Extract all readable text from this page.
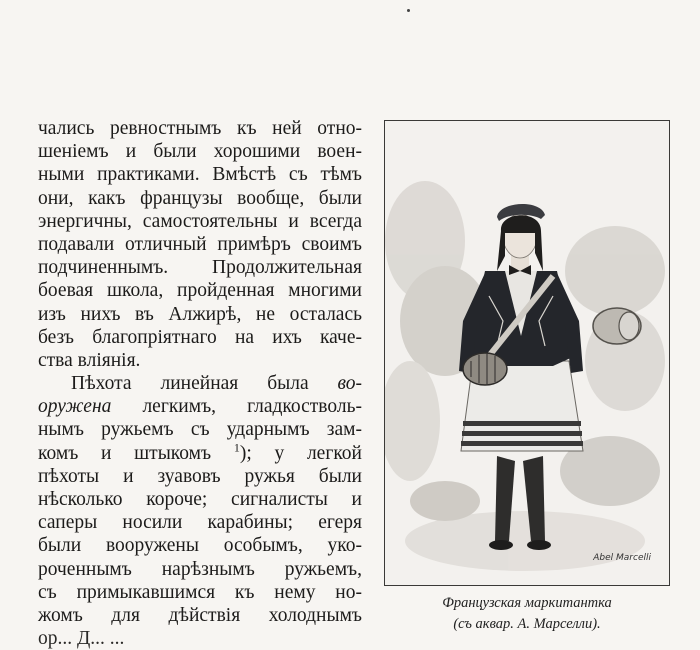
чались ревностнымъ къ ней отно-
шенiемъ и были хорошими воен-
ными практиками. Вмѣстѣ съ тѣмъ
они, какъ французы вообще, были
энергичны, самостоятельны и всегда
подавали отличный примѣръ своимъ
подчиненнымъ. Продолжительная
боевая школа, пройденная многими
изъ нихъ въ Алжирѣ, не осталась
безъ благопрiятнаго на ихъ каче-
ства влiянiя.
Пѣхота линейная была во-
оружена легкимъ, гладкостволь-
нымъ ружьемъ съ ударнымъ зам-
комъ и штыкомъ $^1$); у легкой
пѣхоты и зуавовъ ружья были
нѣсколько короче; сигналисты и
саперы носили карабины; егеря
были вооружены особымъ, уко-
роченнымъ нарѣзнымъ ружьемъ,
съ примыкавшимся къ нему но-
жомъ для дѣйствiя холоднымъ
ор... Д... ...
Abel Marcelli
Французская маркитантка
(съ аквар. А. Марселли).
